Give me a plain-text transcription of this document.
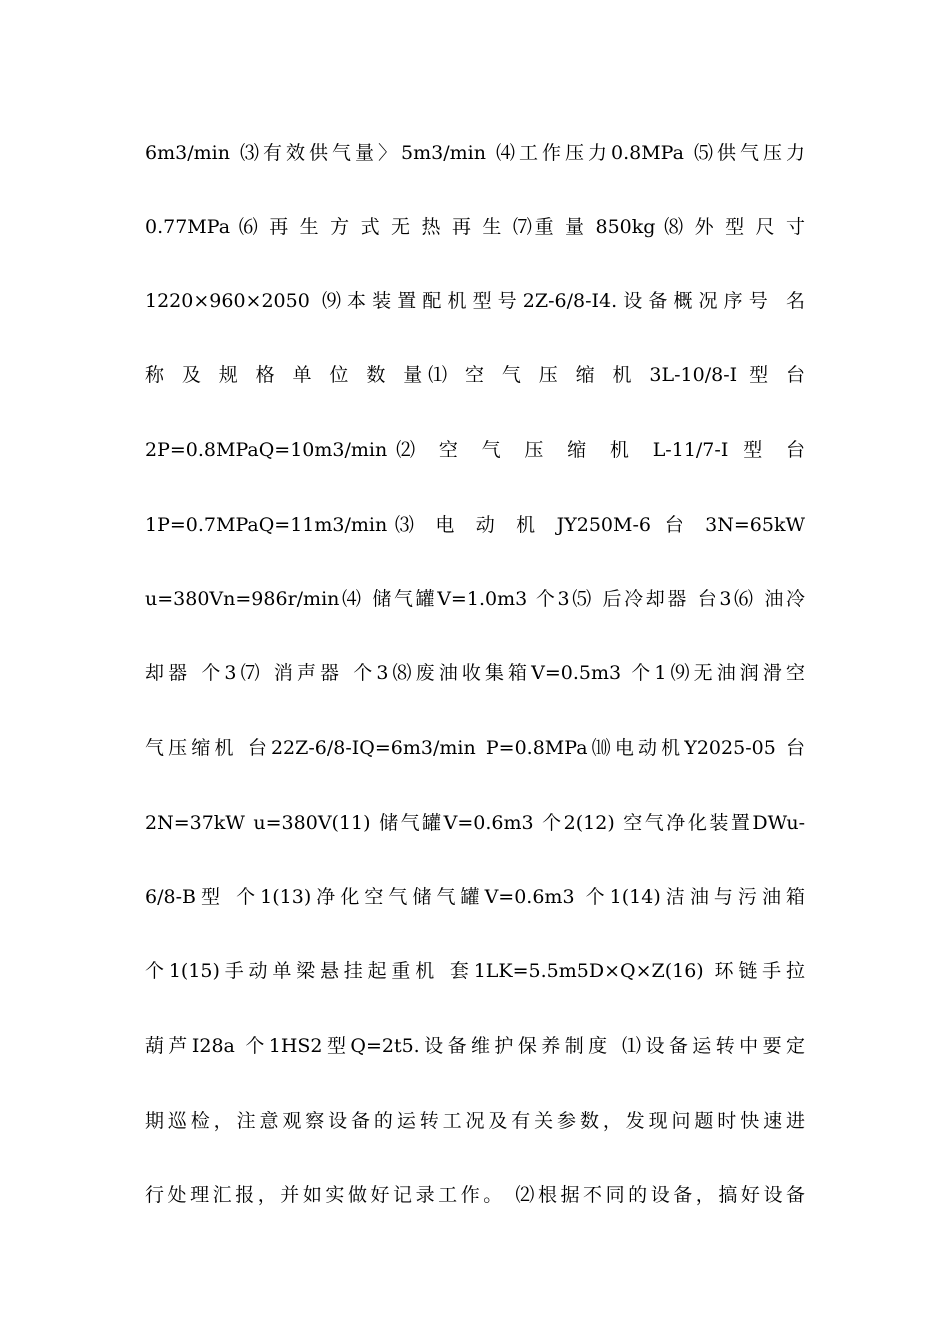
6m3/min ⑶有效供气量〉5m3/min ⑷工作压力0.8MPa ⑸供气压力
0.77MPa ⑹ 再 生 方 式 无 热 再 生 ⑺重 量 850kg ⑻ 外 型 尺 寸
1220×960×2050 ⑼本装置配机型号2Z-6/8-I4.设备概况序号 名
称 及 规 格 单 位 数 量⑴ 空 气 压 缩 机 3L-10/8-I 型 台
2P=0.8MPaQ=10m3/min⑵ 空 气 压 缩 机 L-11/7-I 型 台
1P=0.7MPaQ=11m3/min⑶ 电 动 机 JY250M-6 台 3N=65kW
u=380Vn=986r/min⑷ 储气罐V=1.0m3 个3⑸ 后冷却器 台3⑹ 油冷
却器 个3⑺ 消声器 个3⑻废油收集箱V=0.5m3 个1⑼无油润滑空
气压缩机 台22Z-6/8-IQ=6m3/min P=0.8MPa⑽电动机Y2025-05 台
2N=37kW u=380V(11) 储气罐V=0.6m3 个2(12) 空气净化装置DWu-
6/8-B型 个1(13)净化空气储气罐V=0.6m3 个1(14)洁油与污油箱
个1(15)手动单梁悬挂起重机 套1LK=5.5m5D×Q×Z(16) 环链手拉
葫芦I28a 个1HS2型Q=2t5.设备维护保养制度 ⑴设备运转中要定
期巡检，注意观察设备的运转工况及有关参数，发现问题时快速进
行处理汇报，并如实做好记录工作。 ⑵根据不同的设备，搞好设备
